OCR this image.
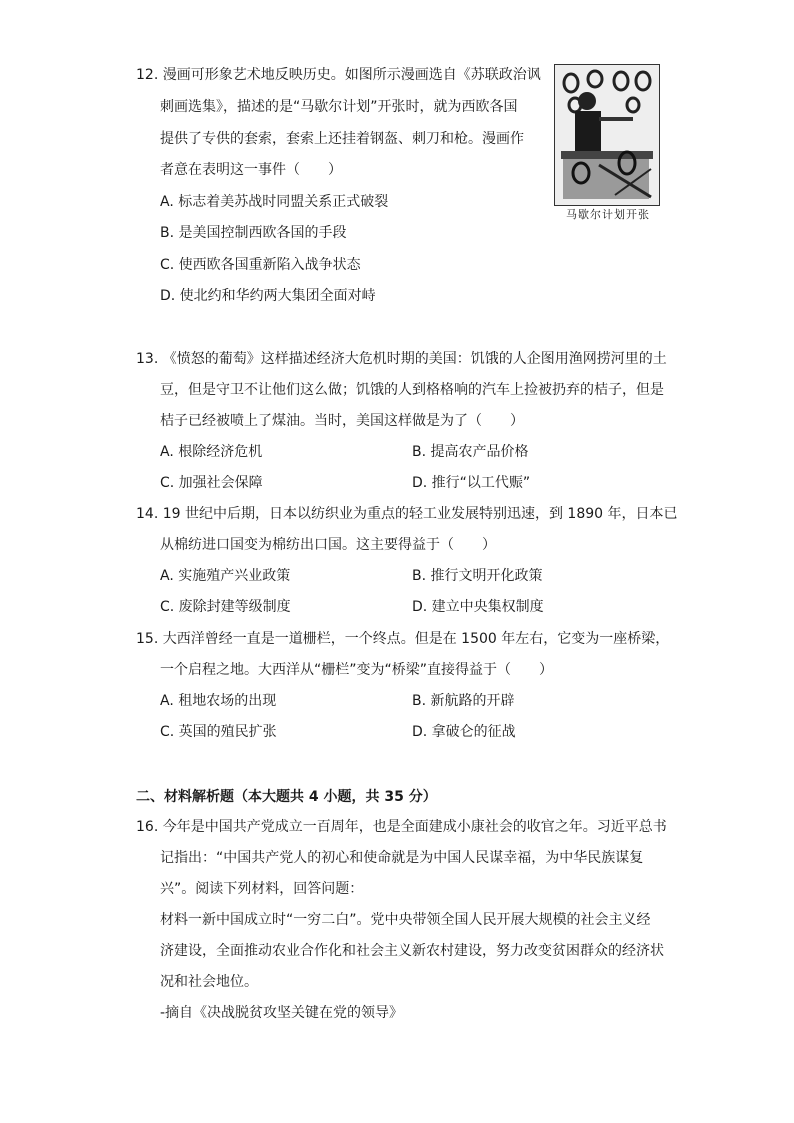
12. 漫画可形象艺术地反映历史。如图所示漫画选自《苏联政治讽
刺画选集》，描述的是“马歇尔计划”开张时，就为西欧各国
提供了专供的套索，套索上还挂着钢盔、刺刀和枪。漫画作
者意在表明这一事件（　　）
A. 标志着美苏战时同盟关系正式破裂
B. 是美国控制西欧各国的手段
C. 使西欧各国重新陷入战争状态
D. 使北约和华约两大集团全面对峙
马歇尔计划开张
13. 《愤怒的葡萄》这样描述经济大危机时期的美国：饥饿的人企图用渔网捞河里的土
豆，但是守卫不让他们这么做；饥饿的人到格格响的汽车上捡被扔弃的桔子，但是
桔子已经被喷上了煤油。当时，美国这样做是为了（　　）
A. 根除经济危机	B. 提高农产品价格
C. 加强社会保障	D. 推行“以工代赈”
14. 19 世纪中后期，日本以纺织业为重点的轻工业发展特别迅速，到 1890 年，日本已
从棉纺进口国变为棉纺出口国。这主要得益于（　　）
A. 实施殖产兴业政策	B. 推行文明开化政策
C. 废除封建等级制度	D. 建立中央集权制度
15. 大西洋曾经一直是一道栅栏，一个终点。但是在 1500 年左右，它变为一座桥梁，
一个启程之地。大西洋从“栅栏”变为“桥梁”直接得益于（　　）
A. 租地农场的出现	B. 新航路的开辟
C. 英国的殖民扩张	D. 拿破仑的征战
二、材料解析题（本大题共 4 小题，共 35 分）
16. 今年是中国共产党成立一百周年，也是全面建成小康社会的收官之年。习近平总书
记指出：“中国共产党人的初心和使命就是为中国人民谋幸福，为中华民族谋复
兴”。阅读下列材料，回答问题：
材料一新中国成立时“一穷二白”。党中央带领全国人民开展大规模的社会主义经
济建设，全面推动农业合作化和社会主义新农村建设，努力改变贫困群众的经济状
况和社会地位。
-摘自《决战脱贫攻坚关键在党的领导》
